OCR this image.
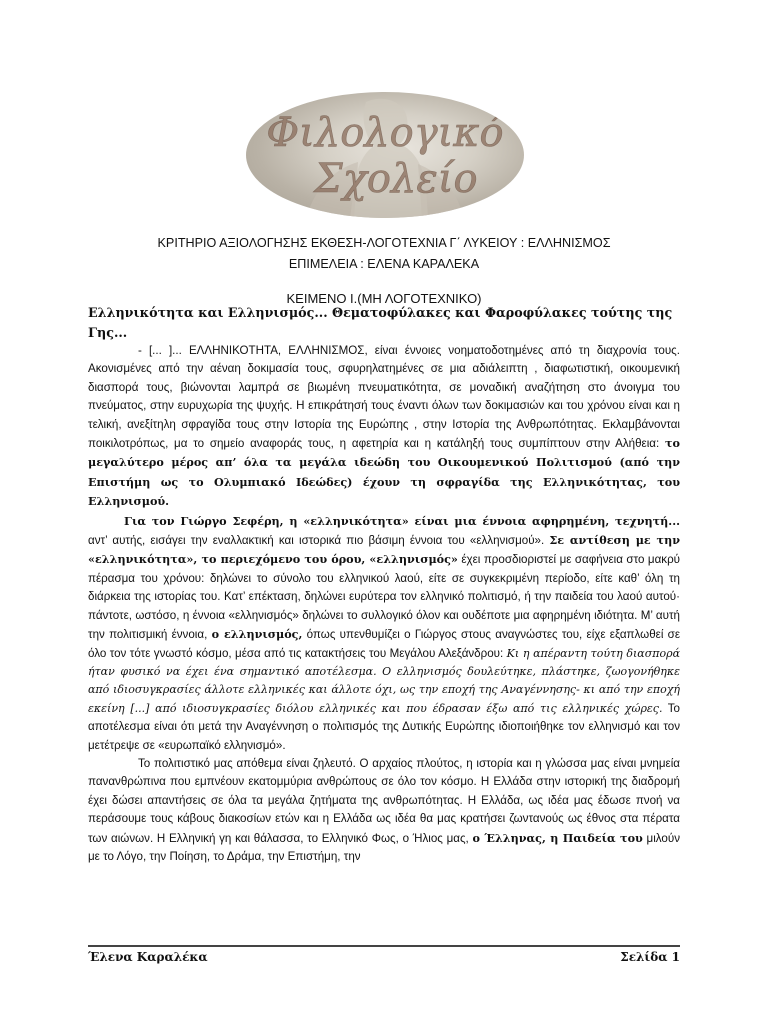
Φιλολογικό
Σχολείο
ΚΡΙΤΗΡΙΟ ΑΞΙΟΛΟΓΗΣΗΣ ΕΚΘΕΣΗ-ΛΟΓΟΤΕΧΝΙΑ Γ΄ ΛΥΚΕΙΟΥ : ΕΛΛΗΝΙΣΜΟΣ
ΕΠΙΜΕΛΕΙΑ : ΕΛΕΝΑ ΚΑΡΑΛΕΚΑ
ΚΕΙΜΕΝΟ Ι.(ΜΗ ΛΟΓΟΤΕΧΝΙΚΟ)
Ελληνικότητα και Ελληνισμός... Θεματοφύλακες και Φαροφύλακες τούτης της Γης...

- [... ]... ΕΛΛΗΝΙΚΟΤΗΤΑ, ΕΛΛΗΝΙΣΜΟΣ, είναι έννοιες νοηματοδοτημένες από τη διαχρονία τους. Ακονισμένες από την αέναη δοκιμασία τους, σφυρηλατημένες σε μια αδιάλειπτη , διαφωτιστική, οικουμενική διασπορά τους, βιώνονται λαμπρά σε βιωμένη πνευματικότητα, σε μοναδική αναζήτηση στο άνοιγμα του πνεύματος, στην ευρυχωρία της ψυχής. Η επικράτησή τους έναντι όλων των δοκιμασιών και του χρόνου είναι και η τελική, ανεξίτηλη σφραγίδα τους στην Ιστορία της Ευρώπης , στην Ιστορία της Ανθρωπότητας. Εκλαμβάνονται ποικιλοτρόπως, μα το σημείο αναφοράς τους, η αφετηρία και η κατάληξή τους συμπίπτουν στην Αλήθεια: το μεγαλύτερο μέρος απ’ όλα τα μεγάλα ιδεώδη του Οικουμενικού Πολιτισμού (από την Επιστήμη ως το Ολυμπιακό Ιδεώδες) έχουν τη σφραγίδα της Ελληνικότητας, του Ελληνισμού.

Για τον Γιώργο Σεφέρη, η «ελληνικότητα» είναι μια έννοια αφηρημένη, τεχνητή... αντ’ αυτής, εισάγει την εναλλακτική και ιστορικά πιο βάσιμη έννοια του «ελληνισμού». Σε αντίθεση με την «ελληνικότητα», το περιεχόμενο του όρου, «ελληνισμός» έχει προσδιοριστεί με σαφήνεια στο μακρύ πέρασμα του χρόνου: δηλώνει το σύνολο του ελληνικού λαού, είτε σε συγκεκριμένη περίοδο, είτε καθ’ όλη τη διάρκεια της ιστορίας του. Κατ’ επέκταση, δηλώνει ευρύτερα τον ελληνικό πολιτισμό, ή την παιδεία του λαού αυτού· πάντοτε, ωστόσο, η έννοια «ελληνισμός» δηλώνει το συλλογικό όλον και ουδέποτε μια αφηρημένη ιδιότητα. Μ’ αυτή την πολιτισμική έννοια, ο ελληνισμός, όπως υπενθυμίζει ο Γιώργος στους αναγνώστες του, είχε εξαπλωθεί σε όλο τον τότε γνωστό κόσμο, μέσα από τις κατακτήσεις του Μεγάλου Αλεξάνδρου: Κι η απέραντη τούτη διασπορά ήταν φυσικό να έχει ένα σημαντικό αποτέλεσμα. O ελληνισμός δουλεύτηκε, πλάστηκε, ζωογονήθηκε από ιδιοσυγκρασίες άλλοτε ελληνικές και άλλοτε όχι, ως την εποχή της Αναγέννησης- κι από την εποχή εκείνη [...] από ιδιοσυγκρασίες διόλου ελληνικές και που έδρασαν έξω από τις ελληνικές χώρες. Το αποτέλεσμα είναι ότι μετά την Αναγέννηση ο πολιτισμός της Δυτικής Ευρώπης ιδιοποιήθηκε τον ελληνισμό και τον μετέτρεψε σε «ευρωπαϊκό ελληνισμό».

Το πολιτιστικό μας απόθεμα είναι ζηλευτό. Ο αρχαίος πλούτος, η ιστορία και η γλώσσα μας είναι μνημεία πανανθρώπινα που εμπνέουν εκατομμύρια ανθρώπους σε όλο τον κόσμο. Η Ελλάδα στην ιστορική της διαδρομή έχει δώσει απαντήσεις σε όλα τα μεγάλα ζητήματα της ανθρωπότητας. Η Ελλάδα, ως ιδέα μας έδωσε πνοή να περάσουμε τους κάβους διακοσίων ετών και η Ελλάδα ως ιδέα θα μας κρατήσει ζωντανούς ως έθνος στα πέρατα των αιώνων. Η Ελληνική γη και θάλασσα, το Ελληνικό Φως, ο Ήλιος μας, ο Έλληνας, η Παιδεία του μιλούν με το Λόγο, την Ποίηση, το Δράμα, την Επιστήμη, την

Έλενα Καραλέκα	Σελίδα 1
